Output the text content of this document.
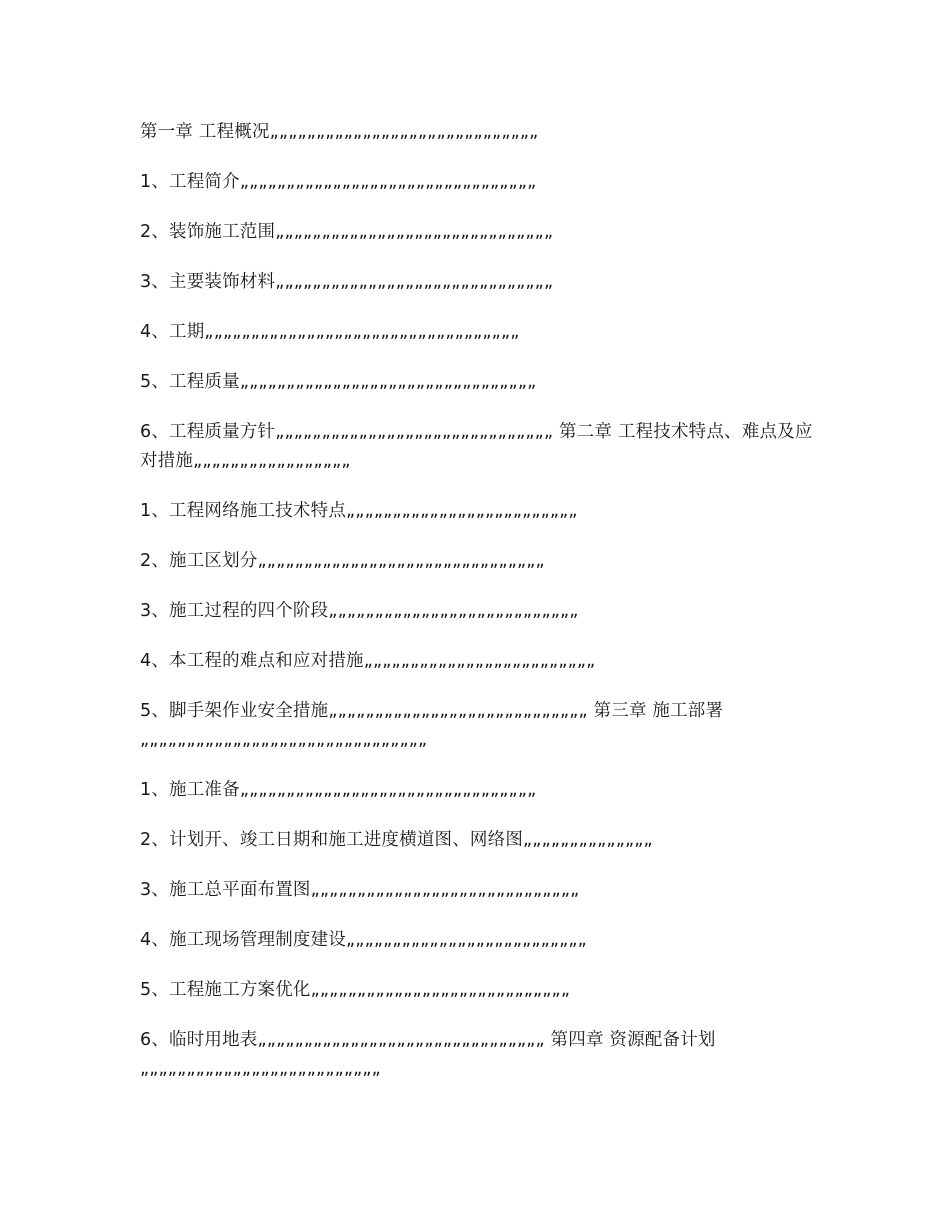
第一章 工程概况„„„„„„„„„„„„„„„„„„„„„„„„„„„„„
1、工程简介„„„„„„„„„„„„„„„„„„„„„„„„„„„„„„„„
2、装饰施工范围„„„„„„„„„„„„„„„„„„„„„„„„„„„„„„
3、主要装饰材料„„„„„„„„„„„„„„„„„„„„„„„„„„„„„„
4、工期„„„„„„„„„„„„„„„„„„„„„„„„„„„„„„„„„„
5、工程质量„„„„„„„„„„„„„„„„„„„„„„„„„„„„„„„„
6、工程质量方针„„„„„„„„„„„„„„„„„„„„„„„„„„„„„„ 第二章 工程技术特点、难点及应对措施„„„„„„„„„„„„„„„„„
1、工程网络施工技术特点„„„„„„„„„„„„„„„„„„„„„„„„„
2、施工区划分„„„„„„„„„„„„„„„„„„„„„„„„„„„„„„„
3、施工过程的四个阶段„„„„„„„„„„„„„„„„„„„„„„„„„„„
4、本工程的难点和应对措施„„„„„„„„„„„„„„„„„„„„„„„„„
5、脚手架作业安全措施„„„„„„„„„„„„„„„„„„„„„„„„„„„„ 第三章 施工部署„„„„„„„„„„„„„„„„„„„„„„„„„„„„„„„
1、施工准备„„„„„„„„„„„„„„„„„„„„„„„„„„„„„„„„
2、计划开、竣工日期和施工进度横道图、网络图„„„„„„„„„„„„„„
3、施工总平面布置图„„„„„„„„„„„„„„„„„„„„„„„„„„„„„
4、施工现场管理制度建设„„„„„„„„„„„„„„„„„„„„„„„„„„
5、工程施工方案优化„„„„„„„„„„„„„„„„„„„„„„„„„„„„
6、临时用地表„„„„„„„„„„„„„„„„„„„„„„„„„„„„„„„ 第四章 资源配备计划„„„„„„„„„„„„„„„„„„„„„„„„„„
